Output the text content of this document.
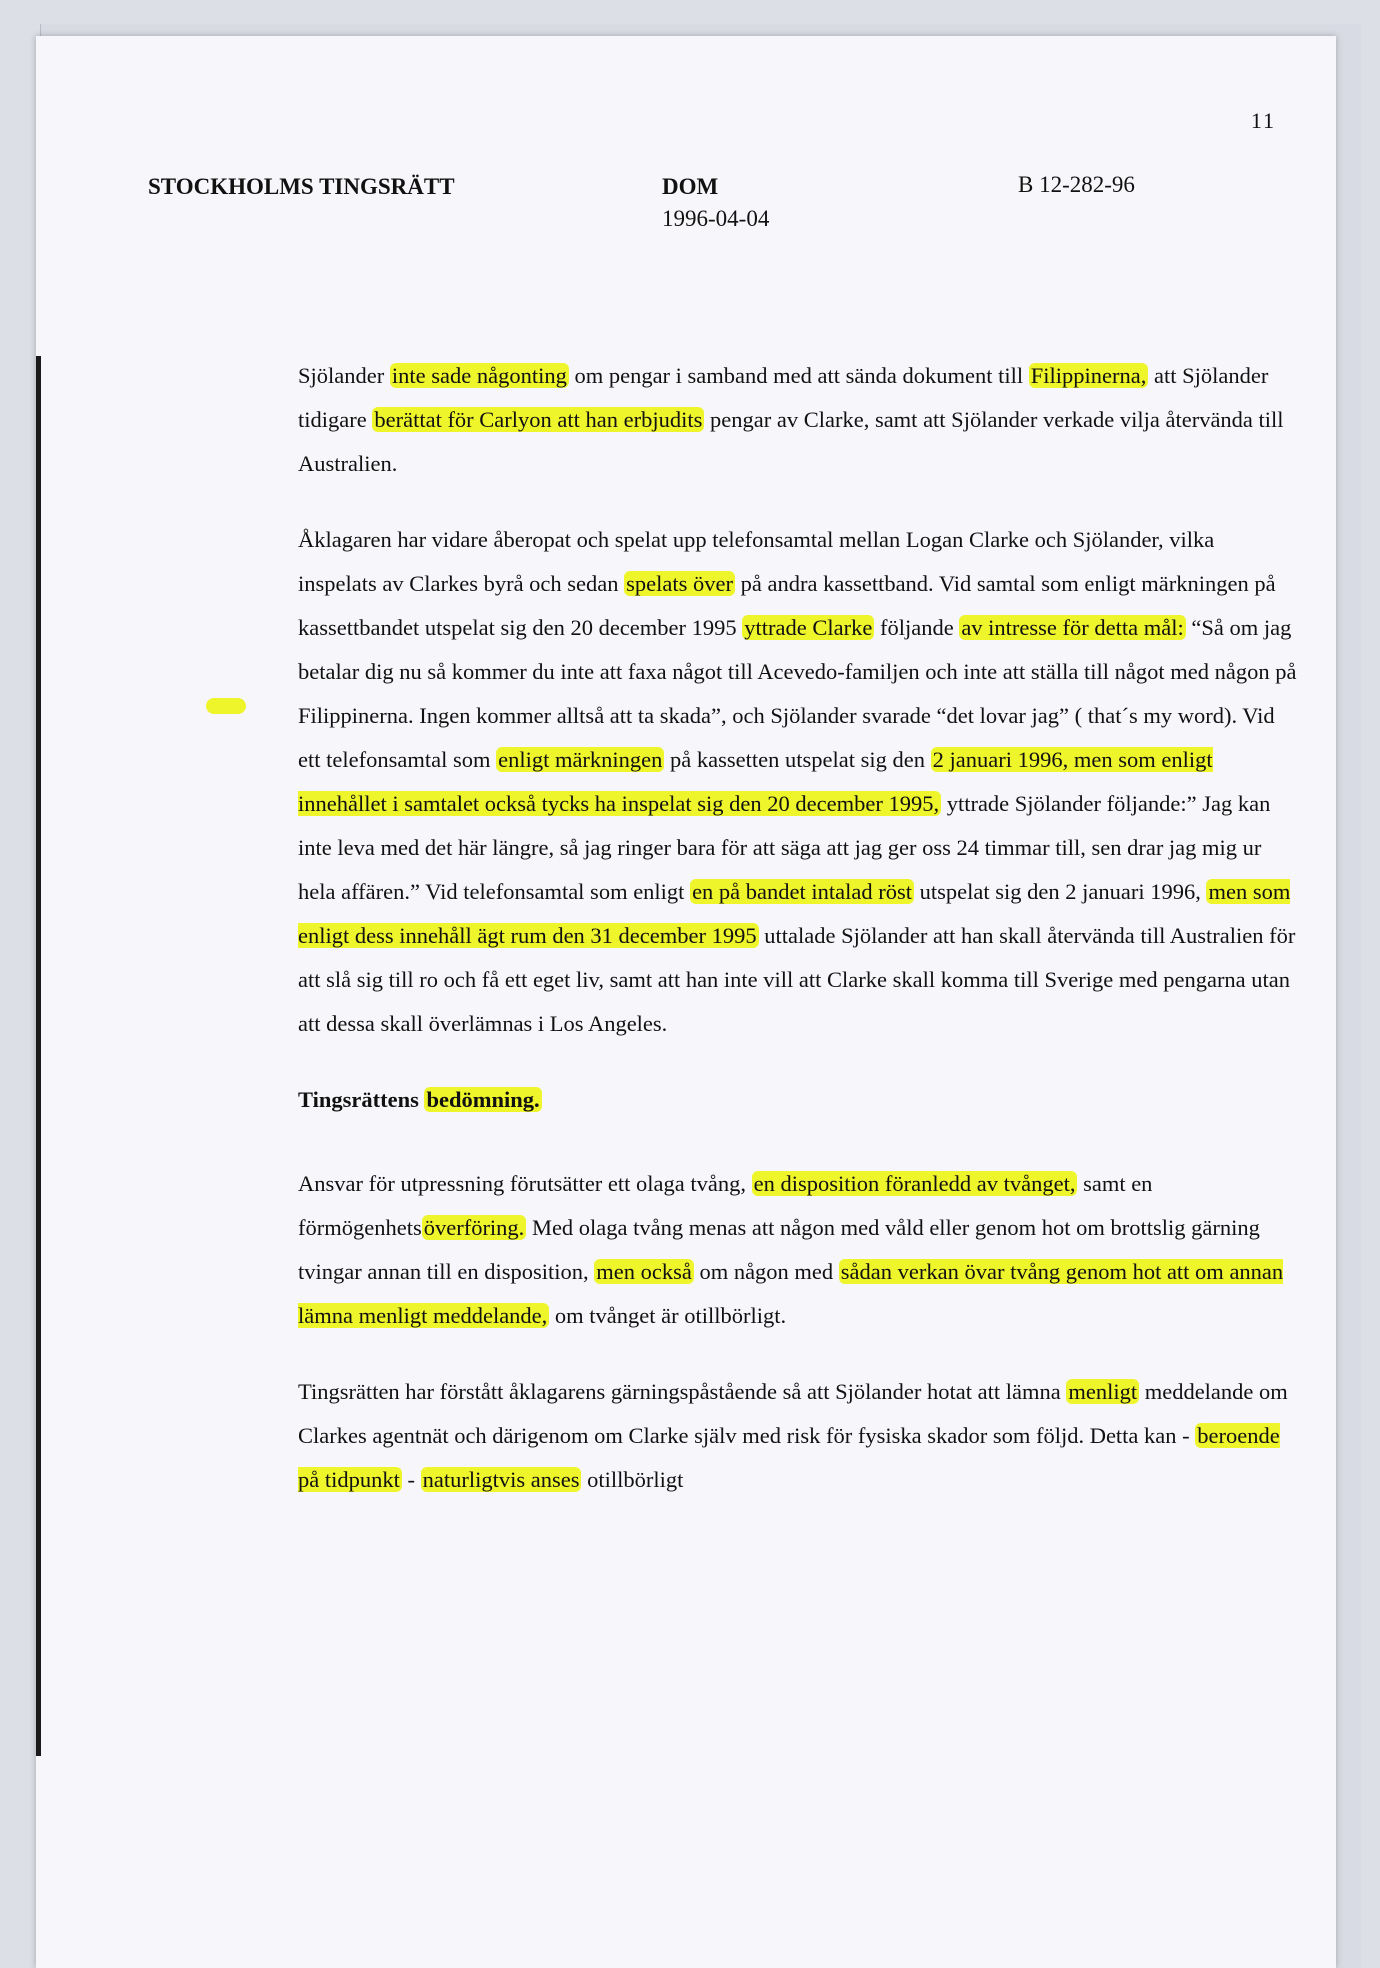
11
STOCKHOLMS TINGSRÄTT	DOM
1996-04-04
B 12-282-96

Sjölander inte sade någonting om pengar i samband med att sända dokument till Filippinerna, att Sjölander tidigare berättat för Carlyon att han erbjudits pengar av Clarke, samt att Sjölander verkade vilja återvända till Australien.

Åklagaren har vidare åberopat och spelat upp telefonsamtal mellan Logan Clarke och Sjölander, vilka inspelats av Clarkes byrå och sedan spelats över på andra kassettband. Vid samtal som enligt märkningen på kassettbandet utspelat sig den 20 december 1995 yttrade Clarke följande av intresse för detta mål: “Så om jag betalar dig nu så kommer du inte att faxa något till Acevedo-familjen och inte att ställa till något med någon på Filippinerna. Ingen kommer alltså att ta skada”, och Sjölander svarade “det lovar jag” ( that´s my word). Vid ett telefonsamtal som enligt märkningen på kassetten utspelat sig den 2 januari 1996, men som enligt innehållet i samtalet också tycks ha inspelat sig den 20 december 1995, yttrade Sjölander följande:” Jag kan inte leva med det här längre, så jag ringer bara för att säga att jag ger oss 24 timmar till, sen drar jag mig ur hela affären.” Vid telefonsamtal som enligt en på bandet intalad röst utspelat sig den 2 januari 1996, men som enligt dess innehåll ägt rum den 31 december 1995 uttalade Sjölander att han skall återvända till Australien för att slå sig till ro och få ett eget liv, samt att han inte vill att Clarke skall komma till Sverige med pengarna utan att dessa skall överlämnas i Los Angeles.

Tingsrättens bedömning.

Ansvar för utpressning förutsätter ett olaga tvång, en disposition föranledd av tvånget, samt en förmögenhetsöverföring. Med olaga tvång menas att någon med våld eller genom hot om brottslig gärning tvingar annan till en disposition, men också om någon med sådan verkan övar tvång genom hot att om annan lämna menligt meddelande, om tvånget är otillbörligt.

Tingsrätten har förstått åklagarens gärningspåstående så att Sjölander hotat att lämna menligt meddelande om Clarkes agentnät och därigenom om Clarke själv med risk för fysiska skador som följd. Detta kan - beroende på tidpunkt - naturligtvis anses otillbörligt
